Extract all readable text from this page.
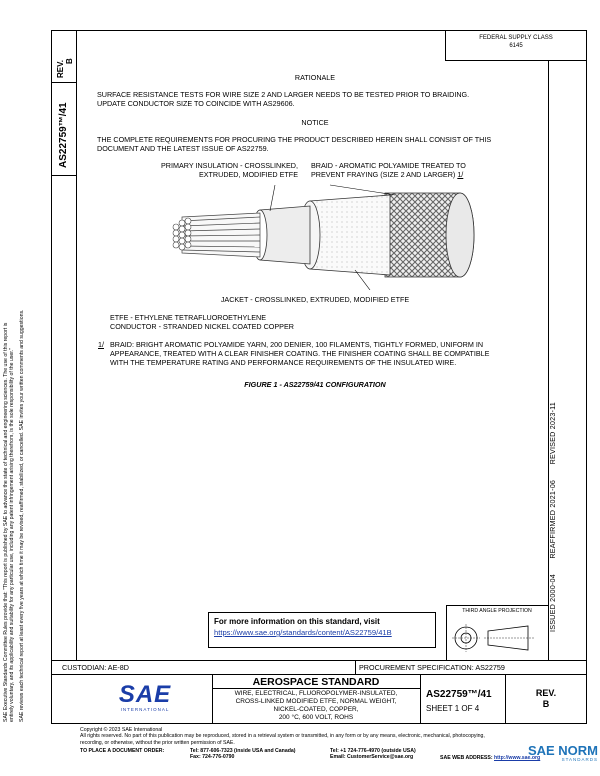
REV. B
AS22759™/41
SAE Executive Standards Committee Rules provide that: "This report is published by SAE to advance the state of technical and engineering sciences. The use of this report is entirely voluntary, and its applicability and suitability for any particular use, including any patent infringement arising therefrom, is the sole responsibility of the user." SAE reviews each technical report at least every five years at which time it may be revised, reaffirmed, stabilized, or cancelled. SAE invites your written comments and suggestions.
FEDERAL SUPPLY CLASS
6145
ISSUED 2000-04
REAFFIRMED 2021-06
REVISED 2023-11
RATIONALE
SURFACE RESISTANCE TESTS FOR WIRE SIZE 2 AND LARGER NEEDS TO BE TESTED PRIOR TO BRAIDING.
UPDATE CONDUCTOR SIZE TO COINCIDE WITH AS29606.
NOTICE
THE COMPLETE REQUIREMENTS FOR PROCURING THE PRODUCT DESCRIBED HEREIN SHALL CONSIST OF THIS
DOCUMENT AND THE LATEST ISSUE OF AS22759.
PRIMARY INSULATION - CROSSLINKED,
EXTRUDED, MODIFIED ETFE
BRAID - AROMATIC POLYAMIDE TREATED TO
PREVENT FRAYING (SIZE 2 AND LARGER) 1/
JACKET - CROSSLINKED, EXTRUDED, MODIFIED ETFE
ETFE - ETHYLENE TETRAFLUOROETHYLENE
CONDUCTOR - STRANDED NICKEL COATED COPPER
1/ BRAID: BRIGHT AROMATIC POLYAMIDE YARN, 200 DENIER, 100 FILAMENTS, TIGHTLY FORMED, UNIFORM IN
APPEARANCE, TREATED WITH A CLEAR FINISHER COATING. THE FINISHER COATING SHALL BE COMPATIBLE
WITH THE TEMPERATURE RATING AND PERFORMANCE REQUIREMENTS OF THE INSULATED WIRE.
FIGURE 1 - AS22759/41 CONFIGURATION
For more information on this standard, visit
https://www.sae.org/standards/content/AS22759/41B
THIRD ANGLE PROJECTION
CUSTODIAN: AE-8D	PROCUREMENT SPECIFICATION: AS22759
SAE
INTERNATIONAL
AEROSPACE STANDARD
WIRE, ELECTRICAL, FLUOROPOLYMER-INSULATED,
CROSS-LINKED MODIFIED ETFE, NORMAL WEIGHT,
NICKEL-COATED, COPPER,
200 °C, 600 VOLT, ROHS
AS22759™/41
SHEET 1 OF 4
REV.
B
Copyright © 2023 SAE International
All rights reserved. No part of this publication may be reproduced, stored in a retrieval system or transmitted, in any form or by any means, electronic, mechanical, photocopying,
recording, or otherwise, without the prior written permission of SAE.
TO PLACE A DOCUMENT ORDER:	Tel: 877-606-7323 (inside USA and Canada)
Fax: 724-776-0790
Tel: +1 724-776-4970 (outside USA)
Email: CustomerService@sae.org	SAE WEB ADDRESS: http://www.sae.org
SAE NORM
STANDARDS
